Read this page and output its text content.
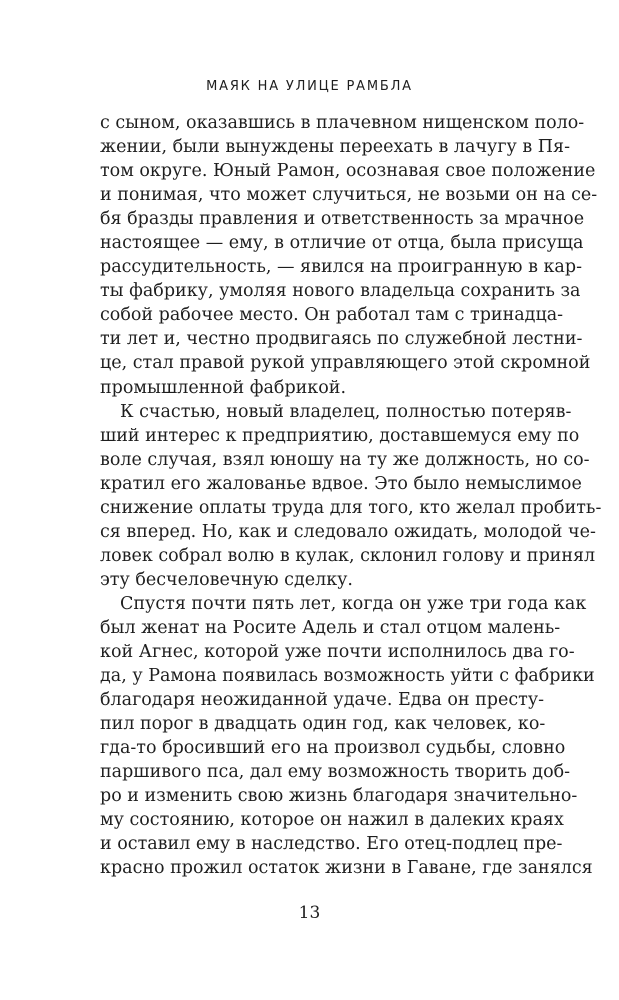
МАЯК НА УЛИЦЕ РАМБЛА
с сыном, оказавшись в плачевном нищенском поло-
жении, были вынуждены переехать в лачугу в Пя-
том округе. Юный Рамон, осознавая свое положение
и понимая, что может случиться, не возьми он на се-
бя бразды правления и ответственность за мрачное
настоящее — ему, в отличие от отца, была присуща
рассудительность, — явился на проигранную в кар-
ты фабрику, умоляя нового владельца сохранить за
собой рабочее место. Он работал там с тринадца-
ти лет и, честно продвигаясь по служебной лестни-
це, стал правой рукой управляющего этой скромной
промышленной фабрикой.
К счастью, новый владелец, полностью потеряв-
ший интерес к предприятию, доставшемуся ему по
воле случая, взял юношу на ту же должность, но со-
кратил его жалованье вдвое. Это было немыслимое
снижение оплаты труда для того, кто желал пробить-
ся вперед. Но, как и следовало ожидать, молодой че-
ловек собрал волю в кулак, склонил голову и принял
эту бесчеловечную сделку.
Спустя почти пять лет, когда он уже три года как
был женат на Росите Адель и стал отцом малень-
кой Агнес, которой уже почти исполнилось два го-
да, у Рамона появилась возможность уйти с фабрики
благодаря неожиданной удаче. Едва он престу-
пил порог в двадцать один год, как человек, ко-
гда-то бросивший его на произвол судьбы, словно
паршивого пса, дал ему возможность творить доб-
ро и изменить свою жизнь благодаря значительно-
му состоянию, которое он нажил в далеких краях
и оставил ему в наследство. Его отец-подлец пре-
красно прожил остаток жизни в Гаване, где занялся
13
